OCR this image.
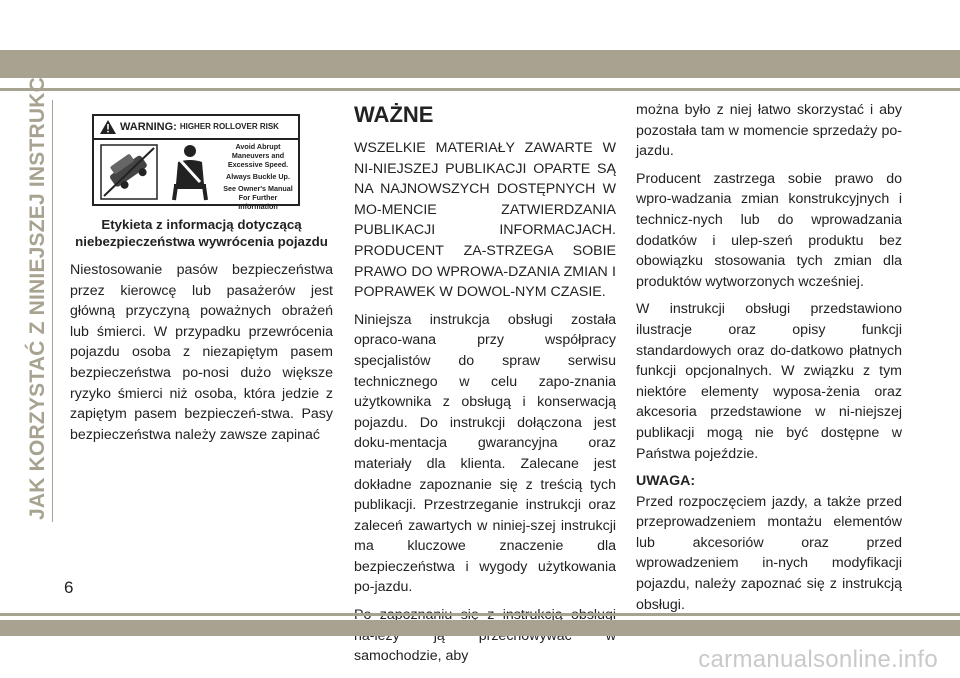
JAK KORZYSTAĆ Z NINIEJSZEJ INSTRUKCJI	WARNING: HIGHER ROLLOVER RISK
Avoid Abrupt Maneuvers and Excessive Speed.
Always Buckle Up.
See Owner's Manual For Further Information
Etykieta z informacją dotyczącą niebezpieczeństwa wywrócenia pojazdu

Niestosowanie pasów bezpieczeństwa przez kierowcę lub pasażerów jest główną przyczyną poważnych obrażeń lub śmierci. W przypadku przewrócenia pojazdu osoba z niezapiętym pasem bezpieczeństwa po-nosi dużo większe ryzyko śmierci niż osoba, która jedzie z zapiętym pasem bezpieczeń-stwa. Pasy bezpieczeństwa należy zawsze zapinać

WAŻNE

WSZELKIE MATERIAŁY ZAWARTE W NI-NIEJSZEJ PUBLIKACJI OPARTE SĄ NA NAJNOWSZYCH DOSTĘPNYCH W MO-MENCIE ZATWIERDZANIA PUBLIKACJI INFORMACJACH. PRODUCENT ZA-STRZEGA SOBIE PRAWO DO WPROWA-DZANIA ZMIAN I POPRAWEK W DOWOL-NYM CZASIE.

Niniejsza instrukcja obsługi została opraco-wana przy współpracy specjalistów do spraw serwisu technicznego w celu zapo-znania użytkownika z obsługą i konserwacją pojazdu. Do instrukcji dołączona jest doku-mentacja gwarancyjna oraz materiały dla klienta. Zalecane jest dokładne zapoznanie się z treścią tych publikacji. Przestrzeganie instrukcji oraz zaleceń zawartych w niniej-szej instrukcji ma kluczowe znaczenie dla bezpieczeństwa i wygody użytkowania po-jazdu.

samochodzie, aby

można było z niej łatwo skorzystać i aby pozostała tam w momencie sprzedaży po-jazdu.

Producent zastrzega sobie prawo do wpro-wadzania zmian konstrukcyjnych i technicz-nych lub do wprowadzania dodatków i ulep-szeń produktu bez obowiązku stosowania tych zmian dla produktów wytworzonych wcześniej.

W instrukcji obsługi przedstawiono ilustracje oraz opisy funkcji standardowych oraz do-datkowo płatnych funkcji opcjonalnych. W związku z tym niektóre elementy wyposa-żenia oraz akcesoria przedstawione w ni-niejszej publikacji mogą nie być dostępne w Państwa pojeździe.

UWAGA:

Przed rozpoczęciem jazdy, a także przed przeprowadzeniem montażu elementów lub akcesoriów oraz przed wprowadzeniem in-nych modyfikacji pojazdu, należy zapoznać się z instrukcją obsługi.

6
carmanualsonline.info
